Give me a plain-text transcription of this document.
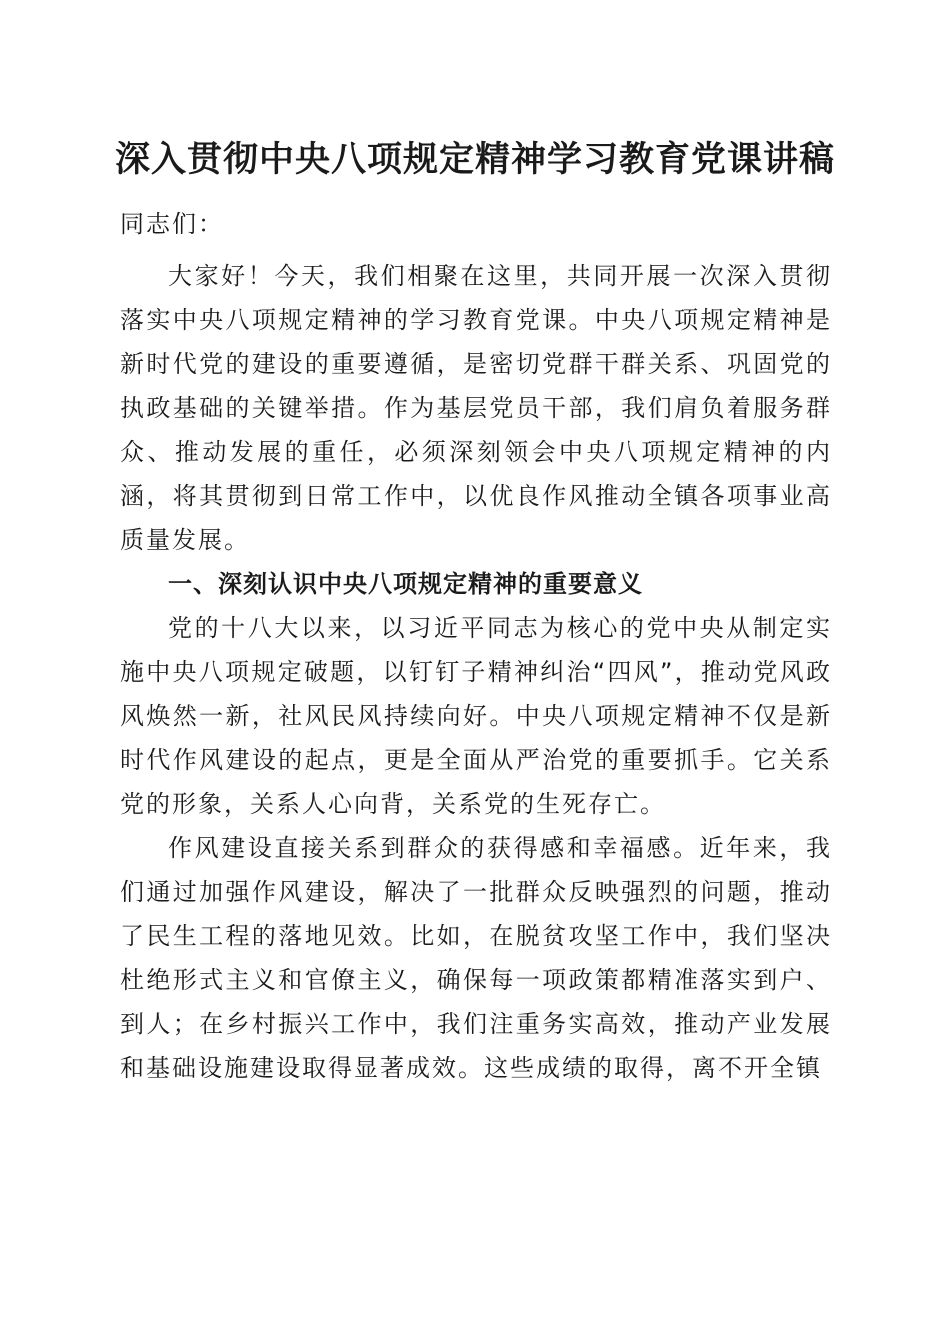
深入贯彻中央八项规定精神学习教育党课讲稿

同志们：

大家好！今天，我们相聚在这里，共同开展一次深入贯彻落实中央八项规定精神的学习教育党课。中央八项规定精神是新时代党的建设的重要遵循，是密切党群干群关系、巩固党的执政基础的关键举措。作为基层党员干部，我们肩负着服务群众、推动发展的重任，必须深刻领会中央八项规定精神的内涵，将其贯彻到日常工作中，以优良作风推动全镇各项事业高质量发展。

一、深刻认识中央八项规定精神的重要意义

党的十八大以来，以习近平同志为核心的党中央从制定实施中央八项规定破题，以钉钉子精神纠治“四风”，推动党风政风焕然一新，社风民风持续向好。中央八项规定精神不仅是新时代作风建设的起点，更是全面从严治党的重要抓手。它关系党的形象，关系人心向背，关系党的生死存亡。

作风建设直接关系到群众的获得感和幸福感。近年来，我们通过加强作风建设，解决了一批群众反映强烈的问题，推动了民生工程的落地见效。比如，在脱贫攻坚工作中，我们坚决杜绝形式主义和官僚主义，确保每一项政策都精准落实到户、到人；在乡村振兴工作中，我们注重务实高效，推动产业发展和基础设施建设取得显著成效。这些成绩的取得，离不开全镇
